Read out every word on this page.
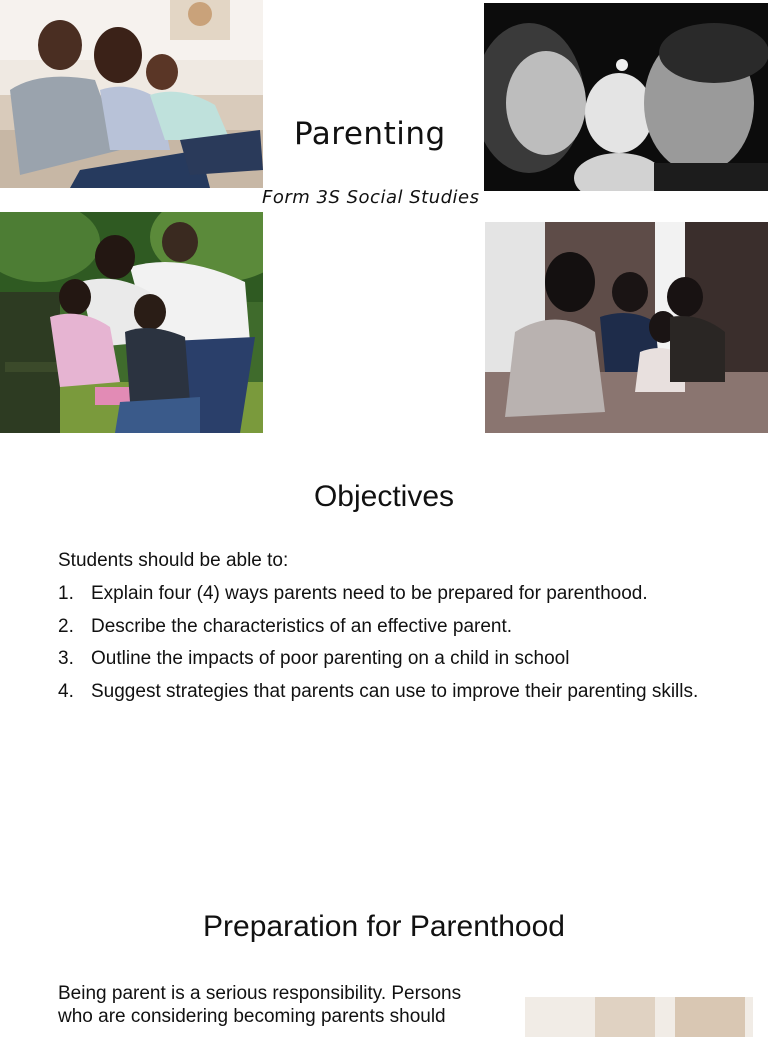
Parenting
Form 3S Social Studies
Objectives
Students should be able to:
1. Explain four (4) ways parents need to be prepared for parenthood.
2. Describe the characteristics of an effective parent.
3. Outline the impacts of poor parenting on a child in school
4. Suggest strategies that parents can use to improve their parenting skills.
Preparation for Parenthood
Being parent is a serious responsibility. Persons who are considering becoming parents should
